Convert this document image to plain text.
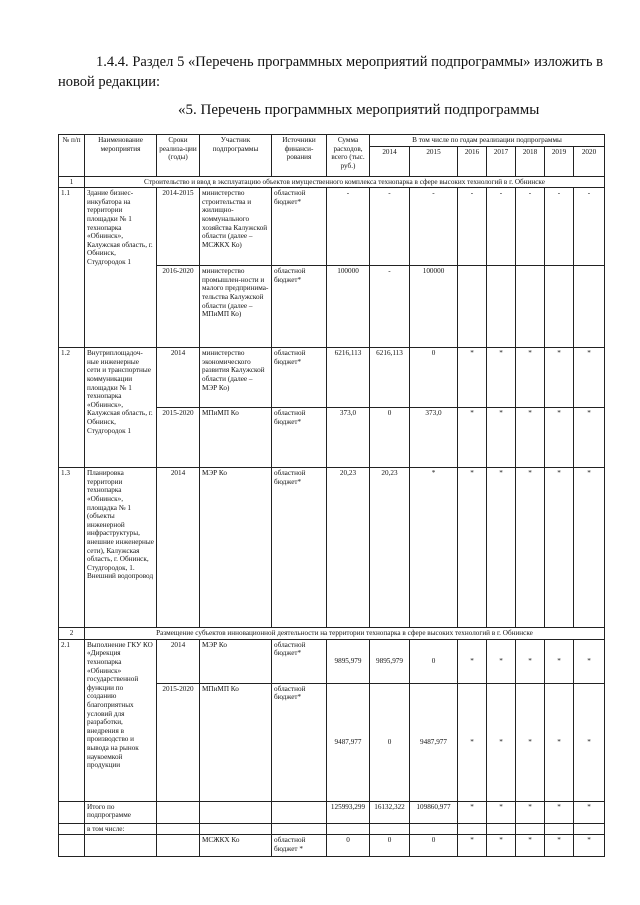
1.4.4. Раздел 5 «Перечень программных мероприятий подпрограммы» изложить в новой редакции:
«5. Перечень программных мероприятий подпрограммы
№ п/п	Наименование мероприятия	Сроки реализа-ции (годы)	Участник подпрограммы	Источники финанси-рования	Сумма расходов, всего (тыс. руб.)	В том числе по годам реализации подпрограммы						
						2014	2015	2016	2017	2018	2019	2020
1	Строительство и ввод в эксплуатацию объектов имущественного комплекса технопарка в сфере высоких технологий в г. Обнинске											
1.1	Здание бизнес-инкубатора на территории площадки № 1 технопарка «Обнинск», Калужская область, г. Обнинск, Студгородок 1	2014-2015	министерство строительства и жилищно-коммунального хозяйства Калужской области (далее – МСЖКХ Ко)	областной бюджет*	-	-	-	-	-	-	-	-
		2016-2020	министерство промышлен-ности и малого предпринима-тельства Калужской области (далее – МПиМП Ко)	областной бюджет*	100000	-	100000					
1.2	Внутриплощадоч-ные инженерные сети и транспортные коммуникации площадки № 1 технопарка «Обнинск», Калужская область, г. Обнинск, Студгородок 1	2014	министерство экономического развития Калужской области (далее – МЭР Ко)	областной бюджет*	6216,113	6216,113	0	*	*	*	*	*
		2015-2020	МПиМП Ко	областной бюджет*	373,0	0	373,0	*	*	*	*	*
1.3	Планировка территории технопарка «Обнинск», площадка № 1 (объекты инженерной инфраструктуры, внешние инженерные сети), Калужская область, г. Обнинск, Студгородок, 1. Внешний водопровод	2014	МЭР Ко	областной бюджет*	20,23	20,23	*	*	*	*	*	*
2	Размещение субъектов инновационной деятельности на территории технопарка в сфере высоких технологий в г. Обнинске											
2.1	Выполнение ГКУ КО «Дирекция технопарка «Обнинск» государственной функции по созданию благоприятных условий для разработки, внедрения в производство и вывода на рынок наукоемкой продукции	2014	МЭР Ко	областной бюджет*	9895,979	9895,979	0	*	*	*	*	*
		2015-2020	МПиМП Ко	областной бюджет*	9487,977	0	9487,977	*	*	*	*	*
	Итого по подпрограмме				125993,299	16132,322	109860,977	*	*	*	*	*
	в том числе:											
			МСЖКХ Ко	областной бюджет *	0	0	0	*	*	*	*	*
